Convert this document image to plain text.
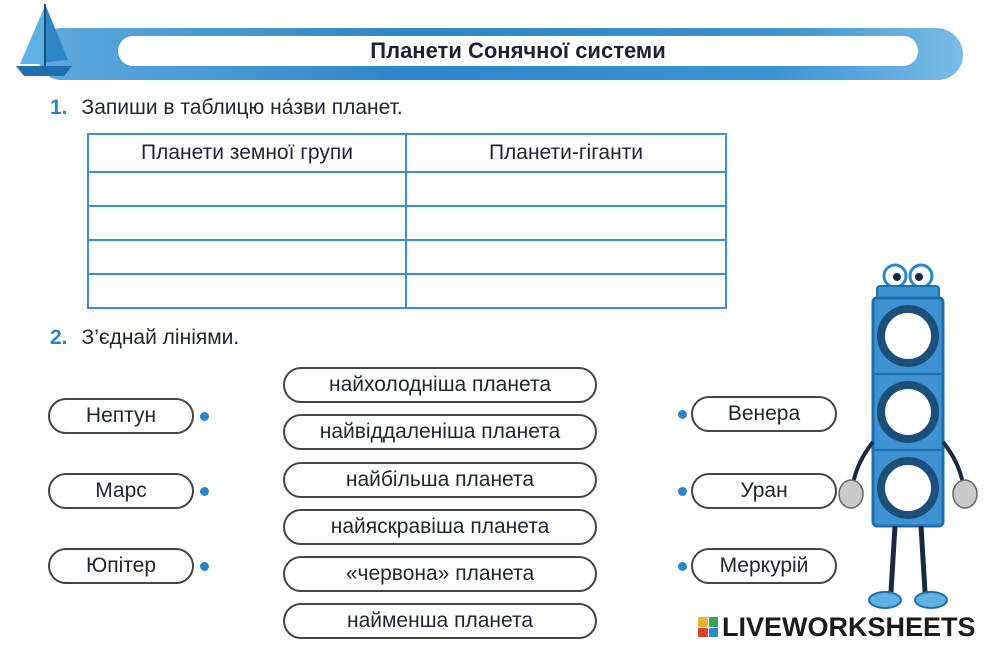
Планети Сонячної системи
1. Запиши в таблицю на́зви планет.
Планети земної групи	Планети-гіганти

2. З’єднай лініями.
Нептун
Марс
Юпітер
найхолодніша планета
найвіддаленіша планета
найбільша планета
найяскравіша планета
«червона» планета
найменша планета
Венера
Уран
Меркурій
LIVEWORKSHEETS
